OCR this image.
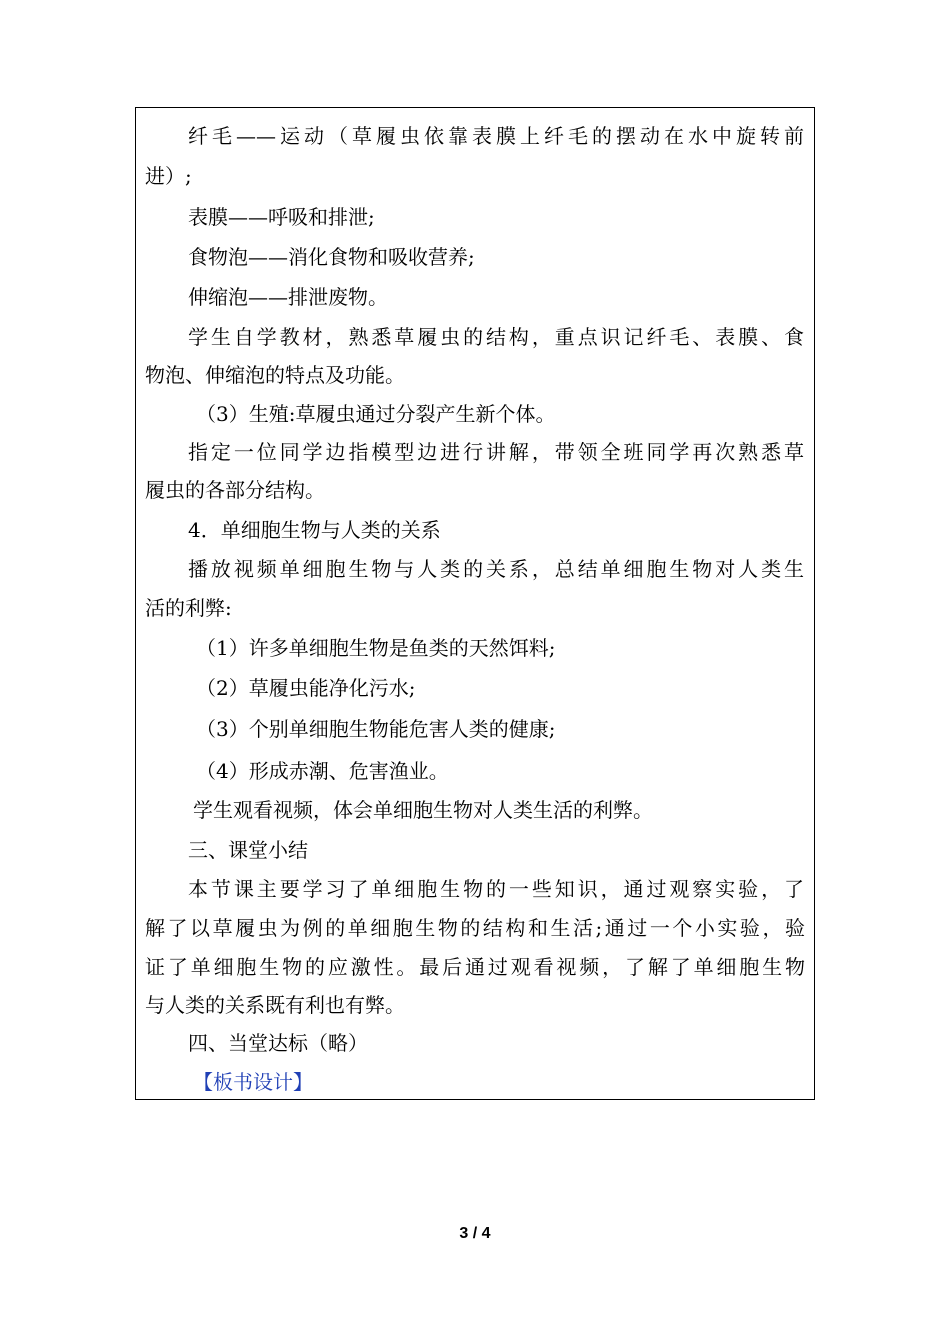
纤毛——运动（草履虫依靠表膜上纤毛的摆动在水中旋转前
进）;
表膜——呼吸和排泄;
食物泡——消化食物和吸收营养;
伸缩泡——排泄废物。
学生自学教材，熟悉草履虫的结构，重点识记纤毛、表膜、食
物泡、伸缩泡的特点及功能。
（3）生殖:草履虫通过分裂产生新个体。
指定一位同学边指模型边进行讲解，带领全班同学再次熟悉草
履虫的各部分结构。
4．单细胞生物与人类的关系
播放视频单细胞生物与人类的关系，总结单细胞生物对人类生
活的利弊:
（1）许多单细胞生物是鱼类的天然饵料;
（2）草履虫能净化污水;
（3）个别单细胞生物能危害人类的健康;
（4）形成赤潮、危害渔业。
学生观看视频，体会单细胞生物对人类生活的利弊。
三、课堂小结
本节课主要学习了单细胞生物的一些知识，通过观察实验，了
解了以草履虫为例的单细胞生物的结构和生活;通过一个小实验，验
证了单细胞生物的应激性。最后通过观看视频，了解了单细胞生物
与人类的关系既有利也有弊。
四、当堂达标（略）
【板书设计】
3 / 4
